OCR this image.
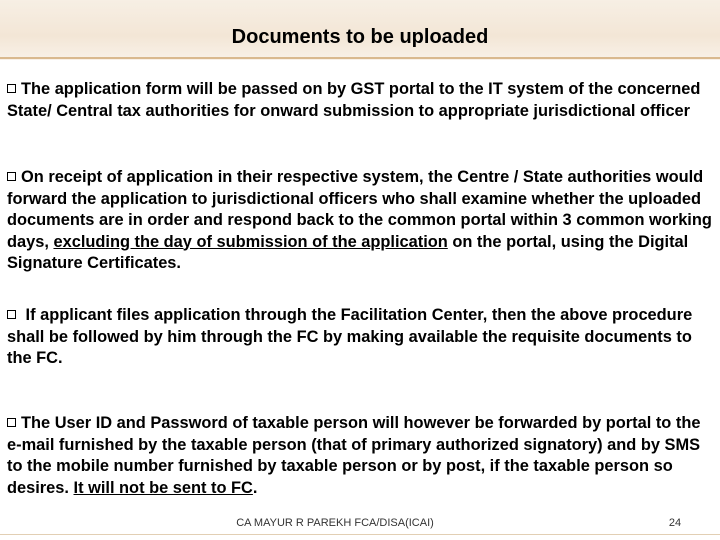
Documents to be uploaded
The application form will be passed on by GST portal to the IT system of the concerned State/ Central tax authorities for onward submission to appropriate jurisdictional officer
On receipt of application in their respective system, the Centre / State authorities would forward the application to jurisdictional officers who shall examine whether the uploaded documents are in order and respond back to the common portal within 3 common working days, excluding the day of submission of the application on the portal, using the Digital Signature Certificates.
If applicant files application through the Facilitation Center, then the above procedure shall be followed by him through the FC by making available the requisite documents to the FC.
The User ID and Password of taxable person will however be forwarded by portal to the e-mail furnished by the taxable person (that of primary authorized signatory) and by SMS to the mobile number furnished by taxable person or by post, if the taxable person so desires. It will not be sent to FC.
CA MAYUR R PAREKH FCA/DISA(ICAI)	24
